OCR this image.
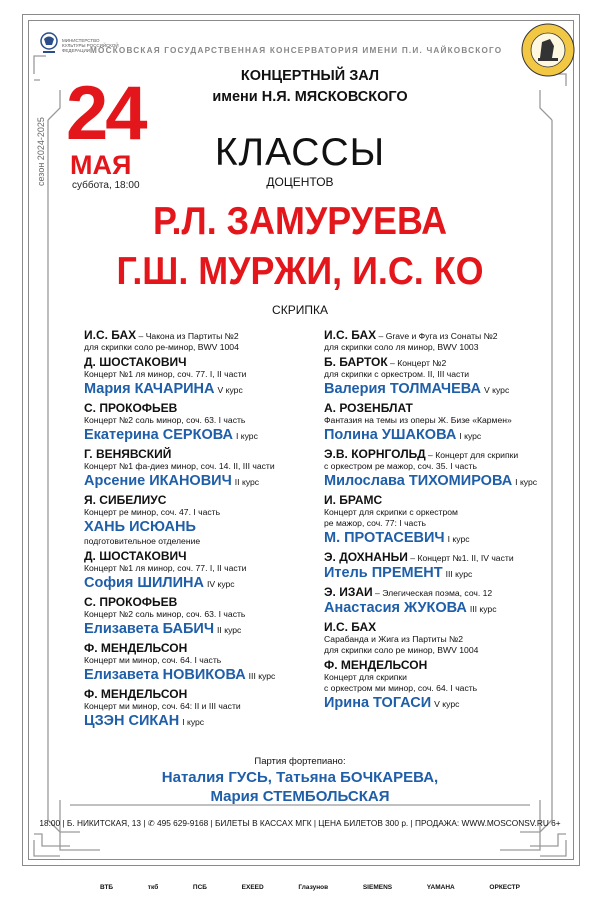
МИНИСТЕРСТВО КУЛЬТУРЫ РОССИЙСКОЙ ФЕДЕРАЦИИ МОСКОВСКАЯ ГОСУДАРСТВЕННАЯ КОНСЕРВАТОРИЯ ИМЕНИ П.И. ЧАЙКОВСКОГО
КОНЦЕРТНЫЙ ЗАЛ
имени Н.Я. МЯСКОВСКОГО
24
МАЯ
суббота, 18:00
сезон 2024-2025	КЛАССЫ
ДОЦЕНТОВ
Р.Л. ЗАМУРУЕВА
Г.Ш. МУРЖИ, И.С. КО
СКРИПКА
И.С. БАХ – Чакона из Партиты №2
для скрипки соло ре-минор, BWV 1004
Д. ШОСТАКОВИЧ
Концерт №1 ля минор, соч. 77. I, II части
Мария КАЧАРИНА V курс
С. ПРОКОФЬЕВ
Концерт №2 соль минор, соч. 63. I часть
Екатерина СЕРКОВА I курс
Г. ВЕНЯВСКИЙ
Концерт №1 фа-диез минор, соч. 14. II, III части
Арсение ИКАНОВИЧ II курс
Я. СИБЕЛИУС
Концерт ре минор, соч. 47. I часть
ХАНЬ ИСЮАНЬ
подготовительное отделение
Д. ШОСТАКОВИЧ
Концерт №1 ля минор, соч. 77. I, II части
София ШИЛИНА IV курс
С. ПРОКОФЬЕВ
Концерт №2 соль минор, соч. 63. I часть
Елизавета БАБИЧ II курс
Ф. МЕНДЕЛЬСОН
Концерт ми минор, соч. 64. I часть
Елизавета НОВИКОВА III курс
Ф. МЕНДЕЛЬСОН
Концерт ми минор, соч. 64: II и III части
ЦЗЭН СИКАН I курс
И.С. БАХ – Grave и Фуга из Сонаты №2
для скрипки соло ля минор, BWV 1003
Б. БАРТОК – Концерт №2
для скрипки с оркестром. II, III части
Валерия ТОЛМАЧЕВА V курс
А. РОЗЕНБЛАТ
Фантазия на темы из оперы Ж. Бизе «Кармен»
Полина УШАКОВА I курс
Э.В. КОРНГОЛЬД – Концерт для скрипки
с оркестром ре мажор, соч. 35. I часть
Милослава ТИХОМИРОВА I курс
И. БРАМС
Концерт для скрипки с оркестром
ре мажор, соч. 77: I часть
М. ПРОТАСЕВИЧ I курс
Э. ДОХНАНЬИ – Концерт №1. II, IV части
Итель ПРЕМЕНТ III курс
Э. ИЗАИ – Элегическая поэма, соч. 12
Анастасия ЖУКОВА III курс
И.С. БАХ
Сарабанда и Жига из Партиты №2
для скрипки соло ре минор, BWV 1004
Ф. МЕНДЕЛЬСОН
Концерт для скрипки
с оркестром ми минор, соч. 64. I часть
Ирина ТОГАСИ V курс
Партия фортепиано:
Наталия ГУСЬ, Татьяна БОЧКАРЕВА,
Мария СТЕМБОЛЬСКАЯ
18:00 | Б. НИКИТСКАЯ, 13 | ✆ 495 629-9168 | БИЛЕТЫ В КАССАХ МГК | ЦЕНА БИЛЕТОВ 300 р. | ПРОДАЖА: WWW.MOSCONSV.RU 6+
ВТБ	ткб	ПСБ	EXEED	Глазунов	SIEMENS	YAMAHA	ОРКЕСТР
